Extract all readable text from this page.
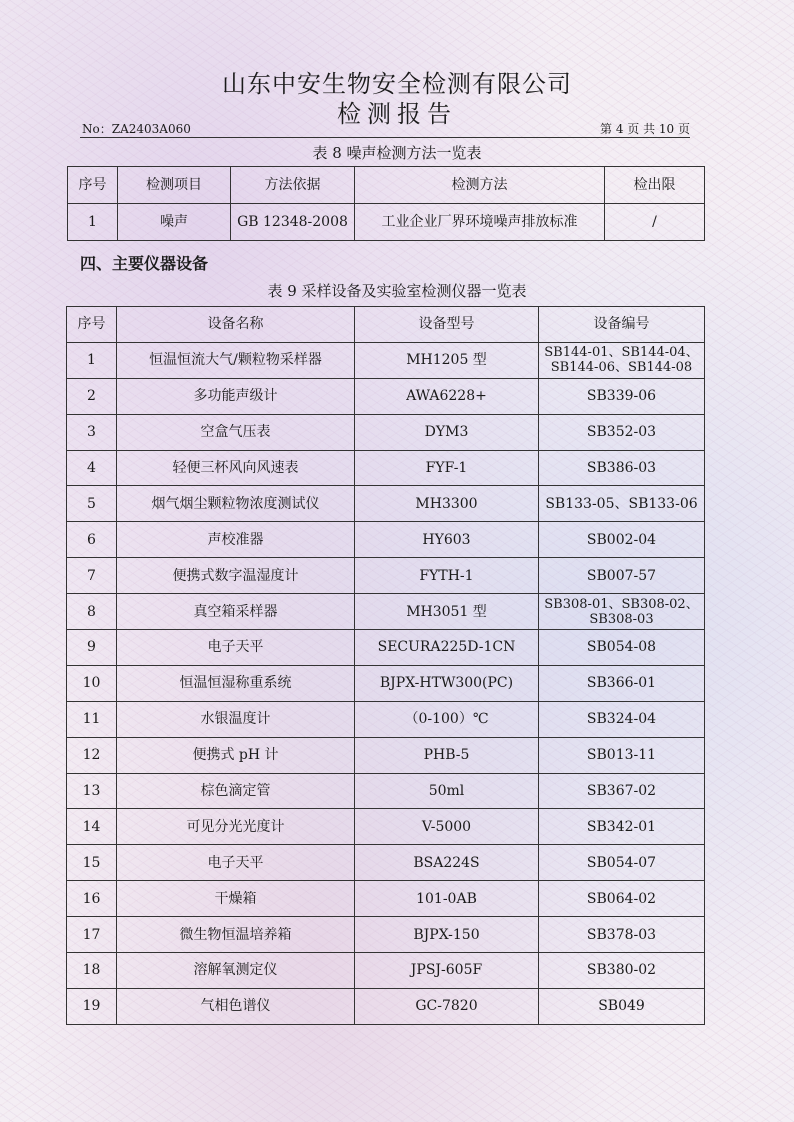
山东中安生物安全检测有限公司
检测报告
No：ZA2403A060	第 4 页 共 10 页
表 8 噪声检测方法一览表
序号	检测项目	方法依据	检测方法	检出限
1	噪声	GB 12348-2008	工业企业厂界环境噪声排放标准	/
四、主要仪器设备
表 9 采样设备及实验室检测仪器一览表
序号	设备名称	设备型号	设备编号
1	恒温恒流大气/颗粒物采样器	MH1205 型	SB144-01、SB144-04、
SB144-06、SB144-08

2	多功能声级计	AWA6228+	SB339-06
3	空盒气压表	DYM3	SB352-03
4	轻便三杯风向风速表	FYF-1	SB386-03
5	烟气烟尘颗粒物浓度测试仪	MH3300	SB133-05、SB133-06
6	声校准器	HY603	SB002-04
7	便携式数字温湿度计	FYTH-1	SB007-57
8	真空箱采样器	MH3051 型	SB308-01、SB308-02、
SB308-03

9	电子天平	SECURA225D-1CN	SB054-08
10	恒温恒湿称重系统	BJPX-HTW300(PC)	SB366-01
11	水银温度计	（0-100）℃	SB324-04
12	便携式 pH 计	PHB-5	SB013-11
13	棕色滴定管	50ml	SB367-02
14	可见分光光度计	V-5000	SB342-01
15	电子天平	BSA224S	SB054-07
16	干燥箱	101-0AB	SB064-02
17	微生物恒温培养箱	BJPX-150	SB378-03
18	溶解氧测定仪	JPSJ-605F	SB380-02
19	气相色谱仪	GC-7820	SB049
